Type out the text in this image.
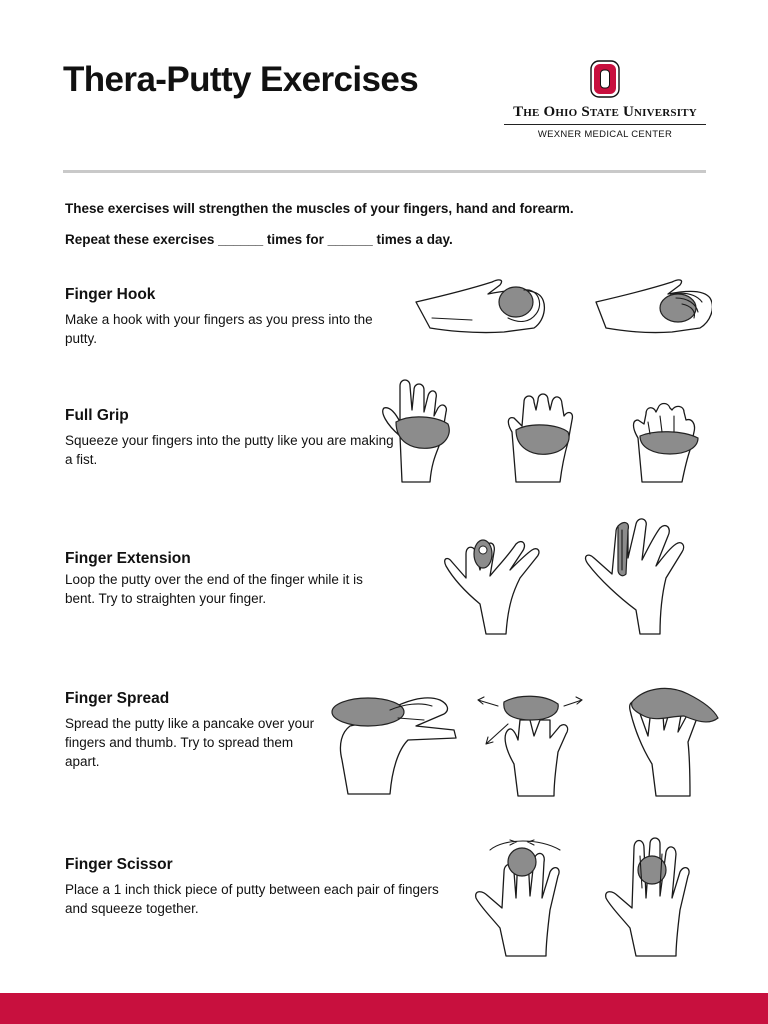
Thera-Putty Exercises
The Ohio State University
WEXNER MEDICAL CENTER

These exercises will strengthen the muscles of your fingers, hand and forearm.

Repeat these exercises ______ times for ______ times a day.

Finger Hook

Make a hook with your fingers as you press into the putty.

Full Grip

Squeeze your fingers into the putty like you are making a fist.

Finger Extension

Loop the putty over the end of the finger while it is bent. Try to straighten your finger.

Finger Spread

Spread the putty like a pancake over your fingers and thumb. Try to spread them apart.

Finger Scissor

Place a 1 inch thick piece of putty between each pair of fingers and squeeze together.
